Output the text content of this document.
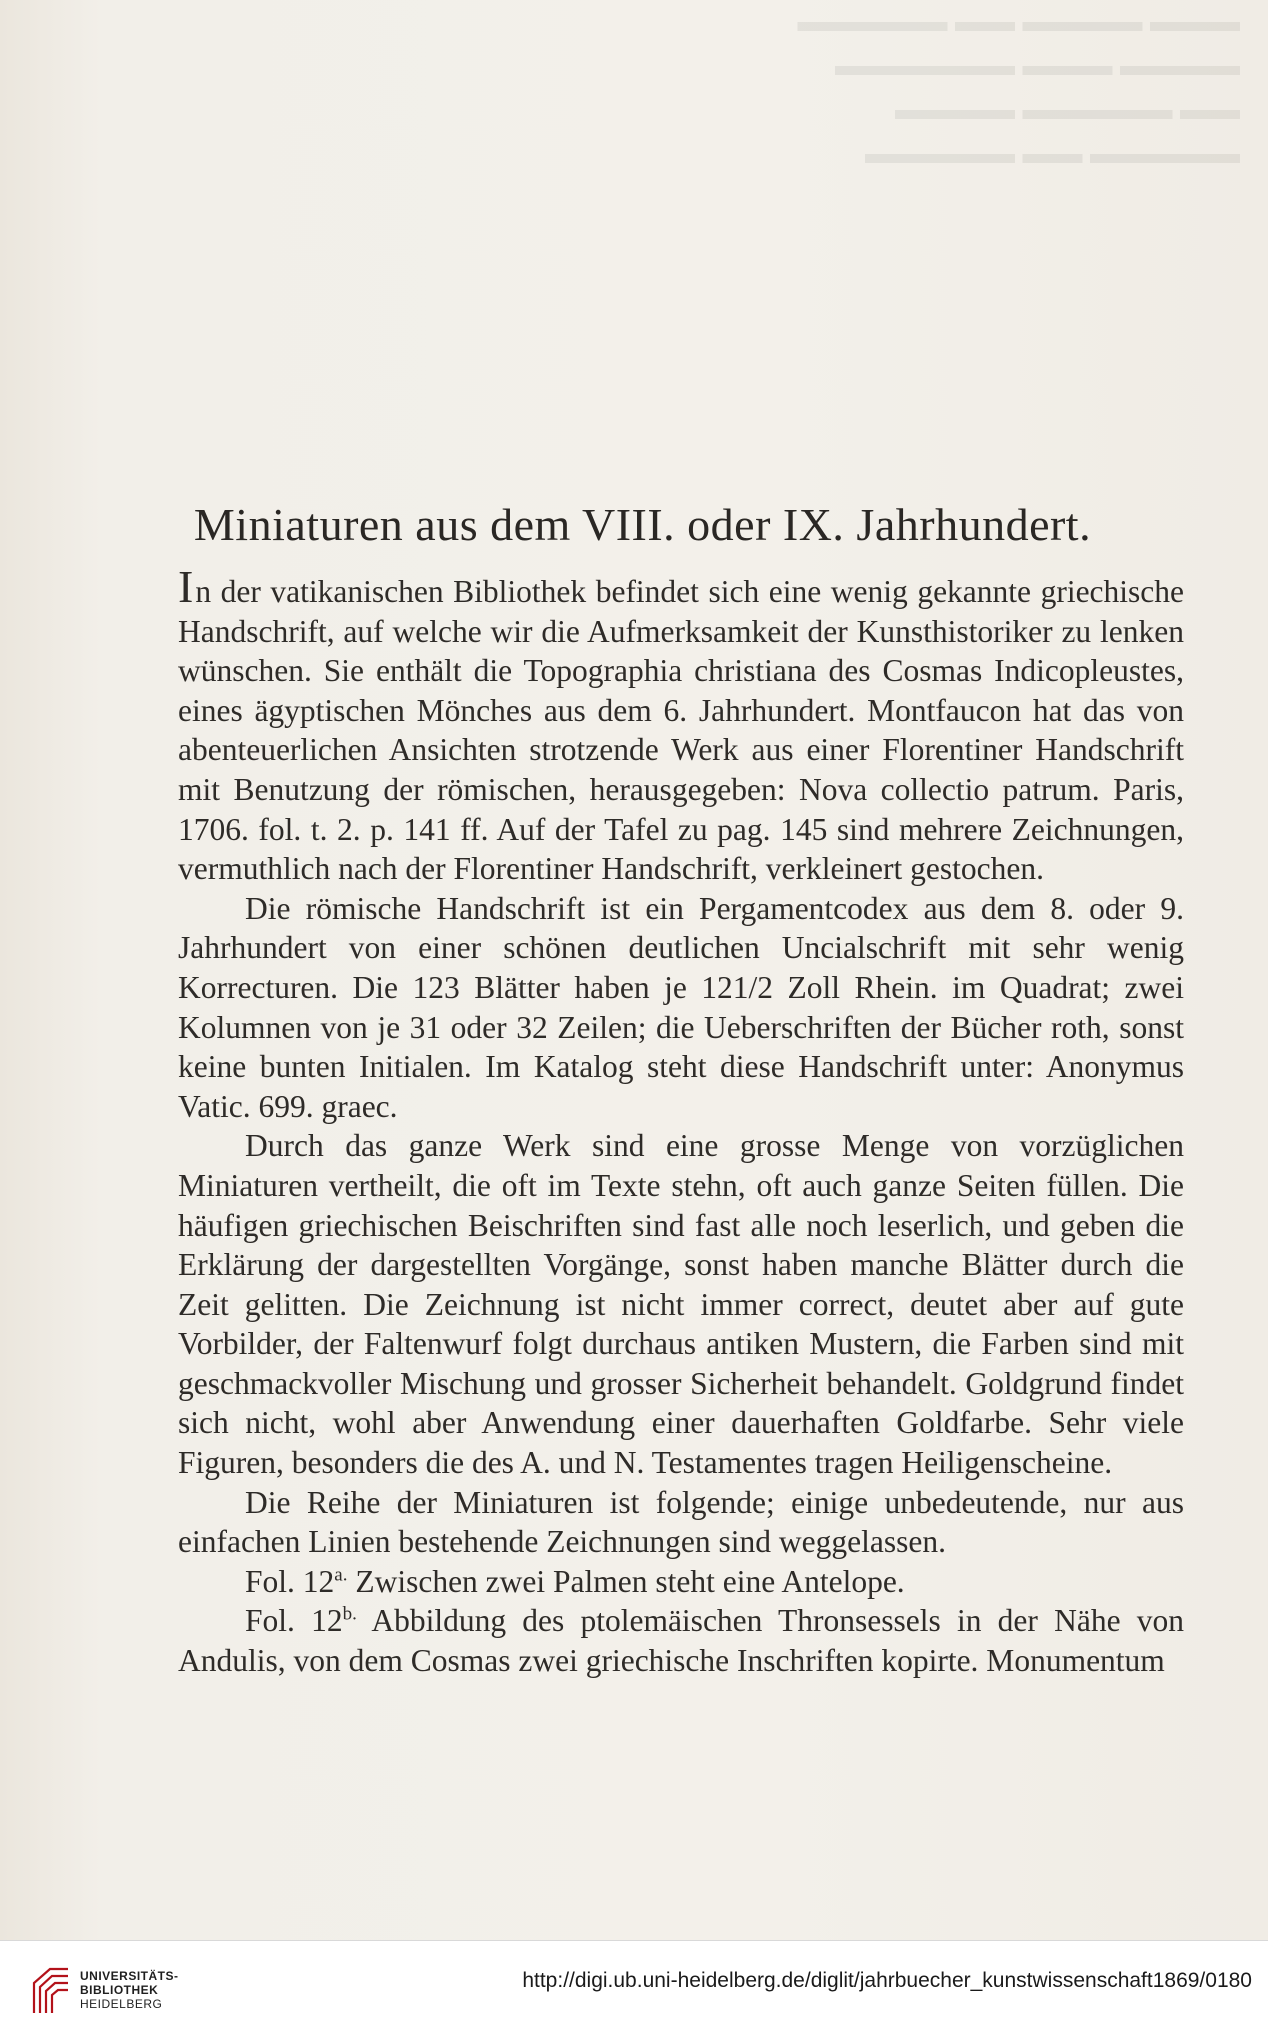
▬▬▬ ▬▬▬▬ ▬▬ ▬▬▬▬▬
▬▬▬▬ ▬▬▬ ▬▬▬▬▬▬
▬▬ ▬▬▬▬▬ ▬▬▬▬
▬▬▬▬▬ ▬▬ ▬▬▬▬▬
Miniaturen aus dem VIII. oder IX. Jahrhundert.

In der vatikanischen Bibliothek befindet sich eine wenig gekannte griechische Handschrift, auf welche wir die Aufmerksamkeit der Kunsthistoriker zu lenken wünschen. Sie enthält die Topographia christiana des Cosmas Indicopleustes, eines ägyptischen Mönches aus dem 6. Jahrhundert. Montfaucon hat das von abenteuerlichen Ansichten strotzende Werk aus einer Florentiner Handschrift mit Benutzung der römischen, herausgegeben: Nova collectio patrum. Paris, 1706. fol. t. 2. p. 141 ff. Auf der Tafel zu pag. 145 sind mehrere Zeichnungen, vermuthlich nach der Florentiner Handschrift, verkleinert gestochen.

Die römische Handschrift ist ein Pergamentcodex aus dem 8. oder 9. Jahrhundert von einer schönen deutlichen Uncialschrift mit sehr wenig Korrecturen. Die 123 Blätter haben je 121/2 Zoll Rhein. im Quadrat; zwei Kolumnen von je 31 oder 32 Zeilen; die Ueberschriften der Bücher roth, sonst keine bunten Initialen. Im Katalog steht diese Handschrift unter: Anonymus Vatic. 699. graec.

Durch das ganze Werk sind eine grosse Menge von vorzüglichen Miniaturen vertheilt, die oft im Texte stehn, oft auch ganze Seiten füllen. Die häufigen griechischen Beischriften sind fast alle noch leserlich, und geben die Erklärung der dargestellten Vorgänge, sonst haben manche Blätter durch die Zeit gelitten. Die Zeichnung ist nicht immer correct, deutet aber auf gute Vorbilder, der Faltenwurf folgt durchaus antiken Mustern, die Farben sind mit geschmackvoller Mischung und grosser Sicherheit behandelt. Goldgrund findet sich nicht, wohl aber Anwendung einer dauerhaften Goldfarbe. Sehr viele Figuren, besonders die des A. und N. Testamentes tragen Heiligenscheine.

Die Reihe der Miniaturen ist folgende; einige unbedeutende, nur aus einfachen Linien bestehende Zeichnungen sind weggelassen.

Fol. $12^{a.}$ Zwischen zwei Palmen steht eine Antelope.

Fol. $12^{b.}$ Abbildung des ptolemäischen Thronsessels in der Nähe von Andulis, von dem Cosmas zwei griechische Inschriften kopirte. Monumentum

UNIVERSITÄTS-
BIBLIOTHEK
HEIDELBERG
http://digi.ub.uni-heidelberg.de/diglit/jahrbuecher_kunstwissenschaft1869/0180
